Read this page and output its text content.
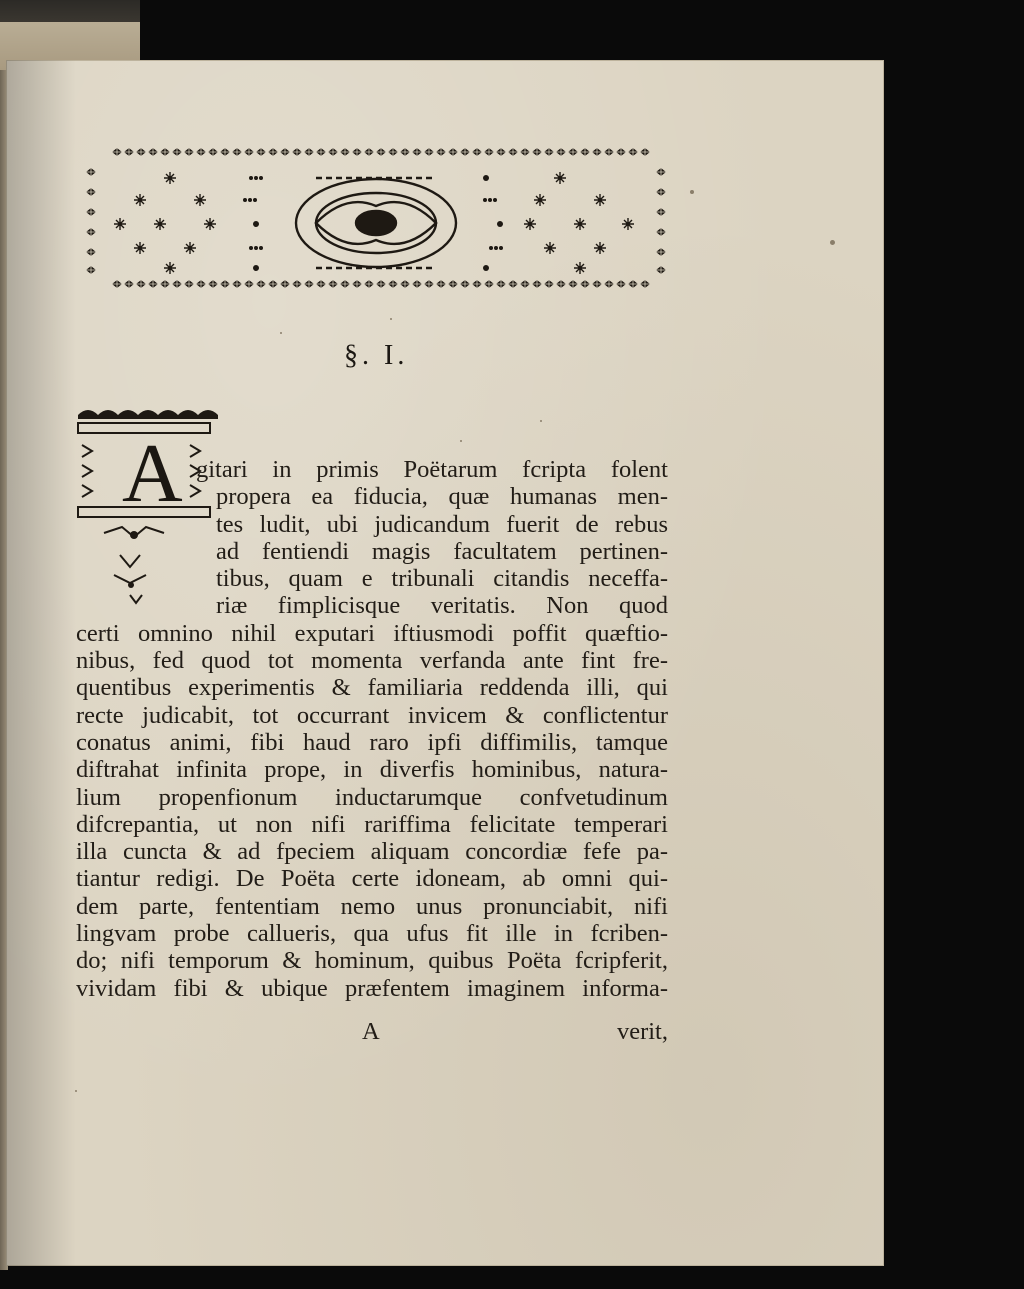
§. I.
A gitari in primis Poëtarum fcripta folent
propera ea fiducia, quæ humanas men-
tes ludit, ubi judicandum fuerit de rebus
ad fentiendi magis facultatem pertinen-
tibus, quam e tribunali citandis neceffa-
riæ fimplicisque veritatis. Non quod
certi omnino nihil exputari iftiusmodi poffit quæftio-
nibus, fed quod tot momenta verfanda ante fint fre-
quentibus experimentis & familiaria reddenda illi, qui
recte judicabit, tot occurrant invicem & conflictentur
conatus animi, fibi haud raro ipfi diffimilis, tamque
diftrahat infinita prope, in diverfis hominibus, natura-
lium propenfionum inductarumque confvetudinum
difcrepantia, ut non nifi rariffima felicitate temperari
illa cuncta & ad fpeciem aliquam concordiæ fefe pa-
tiantur redigi. De Poëta certe idoneam, ab omni qui-
dem parte, fententiam nemo unus pronunciabit, nifi
lingvam probe callueris, qua ufus fit ille in fcriben-
do; nifi temporum & hominum, quibus Poëta fcripferit,
vividam fibi & ubique præfentem imaginem informa-
A	verit,
